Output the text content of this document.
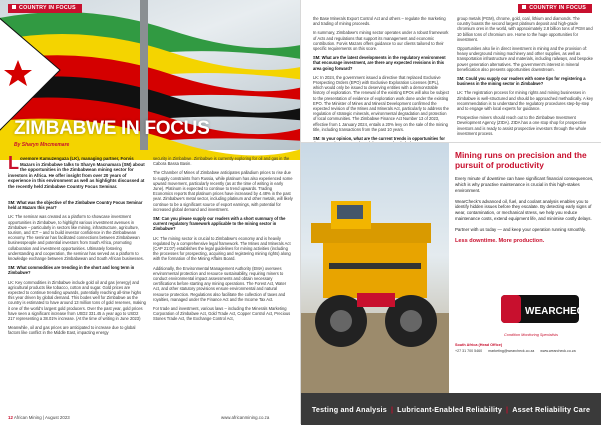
COUNTRY IN FOCUS
ZIMBABWE IN FOCUS
By Sharyn Mncmemare
Lovemore Kamuzengaza (LK), managing partner, Forvis Mazars in Zimbabwe talks to Sharyn Macnamara (SM) about the opportunities in the Zimbabwean mining sector for investors in Africa. He offer insight from over 20 years of experience in this environment as well as highlights discussed at the recently held Zimbabwe Country Focus Seminar.

SM: What was the objective of the Zimbabwe Country Focus Seminar held at Mazars this year?

LK: The seminar was created as a platform to showcase investment opportunities in Zimbabwe, to highlight various investment avenues in Zimbabwe – particularly in sectors like mining, infrastructure, agriculture, tourism, and ICT – and to build investor confidence in the Zimbabwean economy. The seminar has facilitated connections between Zimbabwean businesspeople and potential investors from South Africa, promoting collaboration and investment opportunities. Ultimately fostering understanding and cooperation, the seminar has served as a platform to knowledge exchange between Zimbabwean and South African businesses.

SM: What commodities are trending in the short and long term in Zimbabwe?

LK: Key commodities in Zimbabwe include gold oil and gas (energy) and agricultural products like tobacco, cotton and sugar. Gold prices are expected to continue trending upwards, potentially reaching all-time highs this year driven by global demand. This bodes well for Zimbabwe as the country is estimated to have around 13 million tons of gold reserves, making it one of the world's largest gold producers. Over the past year, gold prices have seen a significant increase from USD2 331.45 a year ago to USD2 217 representing a 38.01% increase. (At the time of writing in June 2023)

Meanwhile, oil and gas prices are anticipated to increase due to global factors like conflict in the Middle East, impacting energy

security in Zimbabwe. Zimbabwe is currently exploring for oil and gas in the Cabora Bassa Basin.

The Chamber of Mines of Zimbabwe anticipates palladium prices to rise due to supply constraints from Russia, while platinum has also experienced some upward movement, particularly recently (as at the time of writing in early June). Platinum is expected to continue to trend upwards. Trading Economics reports that platinum prices have increased by 4.48% in the past year. Zimbabwe's metal sector, including platinum and other metals, will likely continue to be a significant source of export earnings, with potential for increased global demand and investment.

SM: Can you please supply our readers with a short summary of the current regulatory framework applicable to the mining sector in Zimbabwe?

LK: The mining sector is crucial to Zimbabwe's economy and is heavily regulated by a comprehensive legal framework. The Mines and Minerals Act (CAP 21:07) establishes the legal guidelines for mining activities (including the processes for prospecting, acquiring and registering mining rights) along with the formation of the Mining Affairs Board.

Additionally, the Environmental Management Authority (EMA) oversees environmental protection and resource sustainability, requiring miners to conduct environmental impact assessments and obtain necessary certifications before starting any mining operations. The Forest Act, Water Act, and other statutory provisions ensure environmental and natural resource protection. Regulations also facilitate the collection of taxes and royalties, managed under the Finance Act and the Income Tax Act.

For trade and investment, various laws – including the Minerals Marketing Corporation of Zimbabwe Act, Gold Trade Act, Copper Control Act, Precious Stones Trade Act, the Exchange Control Act,

12 African Mining | August 2023	www.africanmining.co.za
COUNTRY IN FOCUS

the Base Minerals Export Control Act and others – regulate the marketing and trading of mining proceeds.

In summary, Zimbabwe's mining sector operates under a robust framework of Acts and regulations that support its management and economic contribution. Forvis Mazars offers guidance to our clients tailored to their specific requirements on this score.

SM: What are the latest developments in the regulatory environment that encourage investment, are there any expected revisions in this area going forward?

LK: In 2024, the government issued a directive that replaced Exclusive Prospecting Orders (EPO) with Exclusive Exploration Licenses (EPL), which would only be issued to deserving entities with a demonstrable history of exploration. The renewal of the existing EPOs will also be subject to the presentation of evidence of exploration work done under the existing EPO. The Minister of Mines and Mineral Development confirmed the expected revision of the Mines and Minerals Act, particularly to address the regulation of strategic minerals, environmental degradation and protection of local communities. The Zimbabwe Finance Act Number 13 of 2023, effective from 1 January 2024, entails a 20% levy on the sale of the mining title, including transactions from the past 10 years.

SM: In your opinion, what are the current trends in opportunities for

group metals (PGM), chrome, gold, coal, lithium and diamonds. The country boasts the second largest platinum deposit and high-grade chromium ores in the world, with approximately 2.8 billion tons of PGM and 10 billion tons of chromium ore. Home to the huge opportunities for investment.

Opportunities also lie in direct investment in mining and the provision of: heavy underground mining machinery and other supplies, as well as transportation infrastructure and materials, including railways, and bespoke power generation alternatives. The government's interest in mineral beneficiation also presents opportunities downstream.

SM: Could you supply our readers with some tips for registering a business in the mining sector in Zimbabwe?

LK: The registration process for mining rights and mining businesses in Zimbabwe is well-structured and should be approached methodically. A key recommendation is to understand the regulatory procedures step-by-step and to engage with local experts for guidance.

Prospective miners should reach out to the Zimbabwe Investment Development Agency (ZIDA). ZIDA has a one stop shop for prospective investors and is ready to assist prospective investors through the whole investment process.

Mining runs on precision and the pursuit of productivity

Every minute of downtime can have significant financial consequences, which is why proactive maintenance is crucial in this high-stakes environment.

WearCheck's advanced oil, fuel, and coolant analysis enables you to identify hidden issues before they escalate. By detecting early signs of wear, contamination, or mechanical stress, we help you reduce maintenance costs, extend equipment life, and minimise costly delays.

Partner with us today — and keep your operation running smoothly.

Less downtime. More production.

WEARCHECK
Condition Monitoring Specialists
South Africa (Head Office)
+27 31 700 5460 marketing@wearcheck.co.za www.wearcheck.co.za
Testing and Analysis | Lubricant-Enabled Reliability | Asset Reliability Care
